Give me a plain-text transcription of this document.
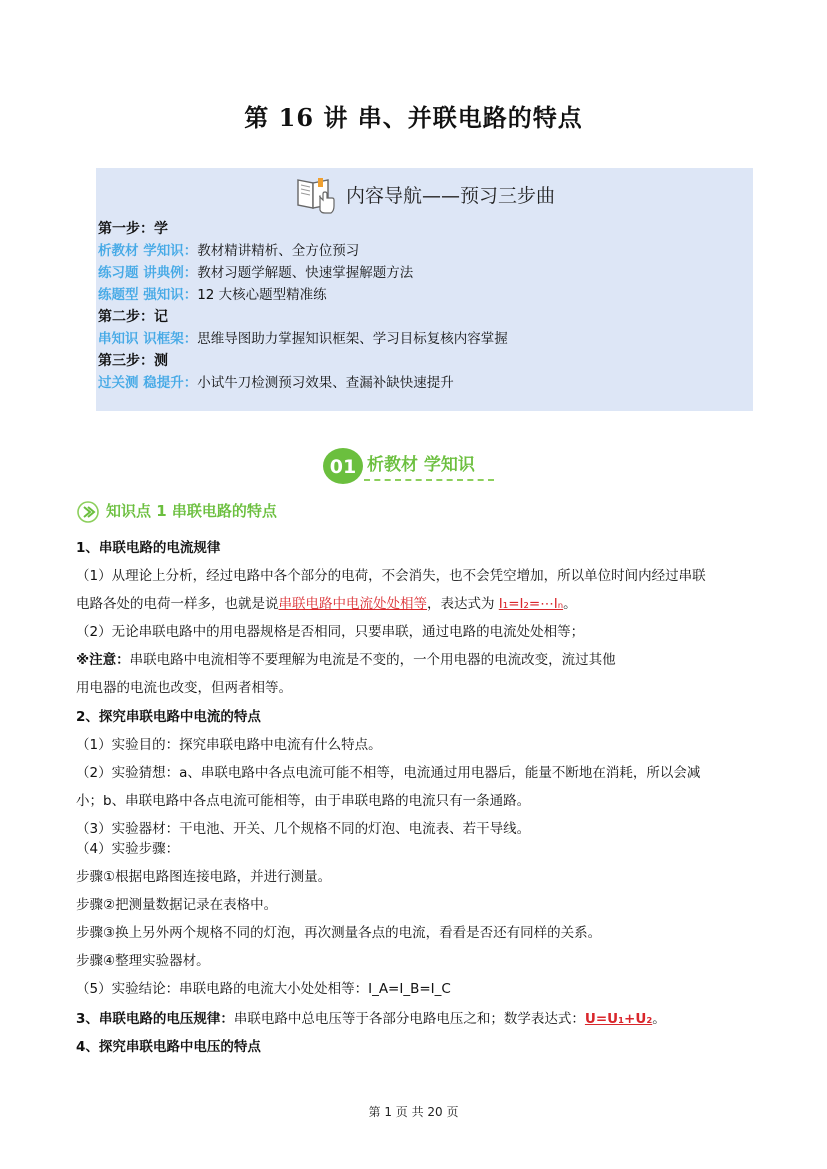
第 16 讲 串、并联电路的特点
内容导航——预习三步曲
第一步：学
析教材 学知识：教材精讲精析、全方位预习
练习题 讲典例：教材习题学解题、快速掌握解题方法
练题型 强知识：12 大核心题型精准练
第二步：记
串知识 识框架：思维导图助力掌握知识框架、学习目标复核内容掌握
第三步：测
过关测 稳提升：小试牛刀检测预习效果、查漏补缺快速提升
01 析教材 学知识
知识点 1 串联电路的特点
1、串联电路的电流规律
（1）从理论上分析，经过电路中各个部分的电荷，不会消失，也不会凭空增加，所以单位时间内经过串联
电路各处的电荷一样多，也就是说串联电路中电流处处相等，表达式为 I₁=I₂=⋯Iₙ。
（2）无论串联电路中的用电器规格是否相同，只要串联，通过电路的电流处处相等；
※注意：串联电路中电流相等不要理解为电流是不变的，一个用电器的电流改变，流过其他
用电器的电流也改变，但两者相等。
2、探究串联电路中电流的特点
（1）实验目的：探究串联电路中电流有什么特点。
（2）实验猜想：a、串联电路中各点电流可能不相等，电流通过用电器后，能量不断地在消耗，所以会减
小；b、串联电路中各点电流可能相等，由于串联电路的电流只有一条通路。
（3）实验器材：干电池、开关、几个规格不同的灯泡、电流表、若干导线。
（4）实验步骤：
步骤①根据电路图连接电路，并进行测量。
步骤②把测量数据记录在表格中。
步骤③换上另外两个规格不同的灯泡，再次测量各点的电流，看看是否还有同样的关系。
步骤④整理实验器材。
（5）实验结论：串联电路的电流大小处处相等：I_A=I_B=I_C
3、串联电路的电压规律：串联电路中总电压等于各部分电路电压之和；数学表达式：U=U₁+U₂。
4、探究串联电路中电压的特点
第 1 页 共 20 页
